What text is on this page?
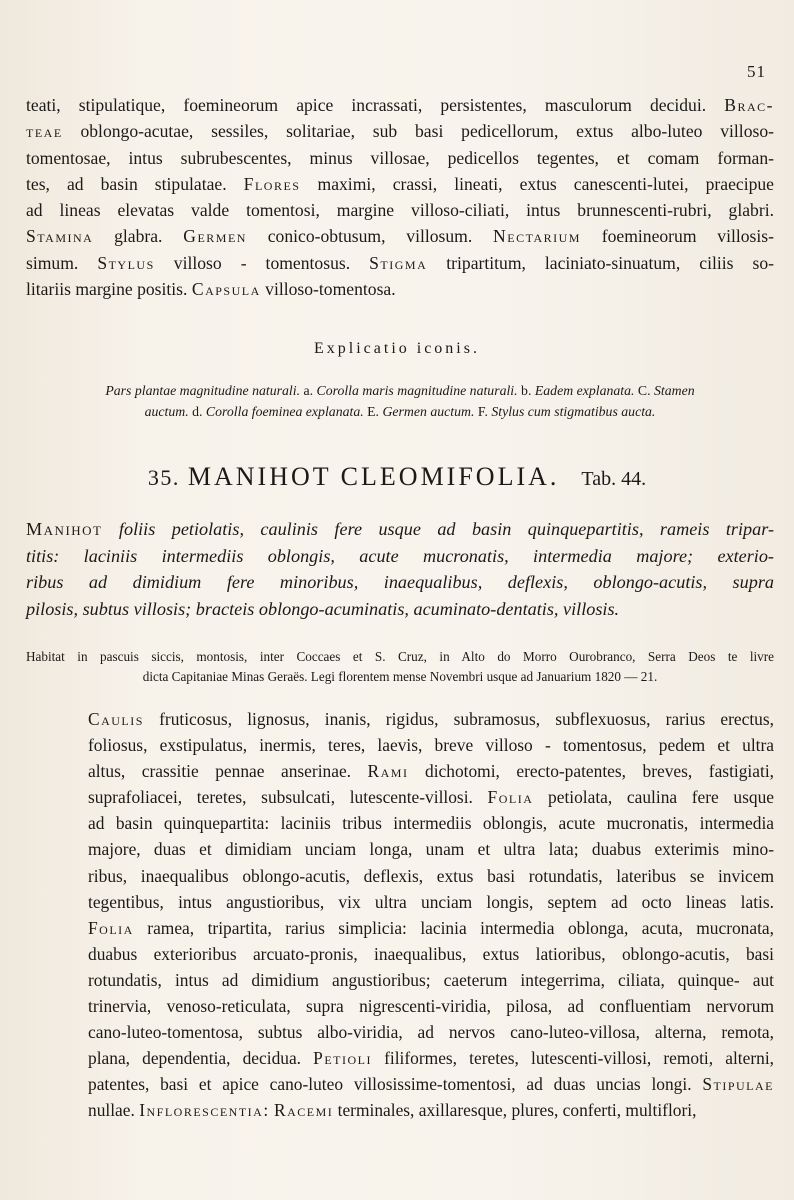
51
teati, stipulatique, foemineorum apice incrassati, persistentes, masculorum decidui. Brac-
teae oblongo-acutae, sessiles, solitariae, sub basi pedicellorum, extus albo-luteo villoso-
tomentosae, intus subrubescentes, minus villosae, pedicellos tegentes, et comam forman-
tes, ad basin stipulatae. Flores maximi, crassi, lineati, extus canescenti-lutei, praecipue
ad lineas elevatas valde tomentosi, margine villoso-ciliati, intus brunnescenti-rubri, glabri.
Stamina glabra. Germen conico-obtusum, villosum. Nectarium foemineorum villosis-
simum. Stylus villoso - tomentosus. Stigma tripartitum, laciniato-sinuatum, ciliis so-
litariis margine positis. Capsula villoso-tomentosa.
Explicatio iconis.
Pars plantae magnitudine naturali. a. Corolla maris magnitudine naturali. b. Eadem explanata. C. Stamen
auctum. d. Corolla foeminea explanata. E. Germen auctum. F. Stylus cum stigmatibus aucta.
35. MANIHOT CLEOMIFOLIA. Tab. 44.
Manihot foliis petiolatis, caulinis fere usque ad basin quinquepartitis, rameis tripar-
titis: laciniis intermediis oblongis, acute mucronatis, intermedia majore; exterio-
ribus ad dimidium fere minoribus, inaequalibus, deflexis, oblongo-acutis, supra
pilosis, subtus villosis; bracteis oblongo-acuminatis, acuminato-dentatis, villosis.
Habitat in pascuis siccis, montosis, inter Coccaes et S. Cruz, in Alto do Morro Ourobranco, Serra Deos te livre
dicta Capitaniae Minas Geraës. Legi florentem mense Novembri usque ad Januarium 1820 — 21.

Caulis fruticosus, lignosus, inanis, rigidus, subramosus, subflexuosus, rarius erectus,
foliosus, exstipulatus, inermis, teres, laevis, breve villoso - tomentosus, pedem et ultra
altus, crassitie pennae anserinae. Rami dichotomi, erecto-patentes, breves, fastigiati,
suprafoliacei, teretes, subsulcati, lutescente-villosi. Folia petiolata, caulina fere usque
ad basin quinquepartita: laciniis tribus intermediis oblongis, acute mucronatis, intermedia
majore, duas et dimidiam unciam longa, unam et ultra lata; duabus exterimis mino-
ribus, inaequalibus oblongo-acutis, deflexis, extus basi rotundatis, lateribus se invicem
tegentibus, intus angustioribus, vix ultra unciam longis, septem ad octo lineas latis.
Folia ramea, tripartita, rarius simplicia: lacinia intermedia oblonga, acuta, mucronata,
duabus exterioribus arcuato-pronis, inaequalibus, extus latioribus, oblongo-acutis, basi
rotundatis, intus ad dimidium angustioribus; caeterum integerrima, ciliata, quinque- aut
trinervia, venoso-reticulata, supra nigrescenti-viridia, pilosa, ad confluentiam nervorum
cano-luteo-tomentosa, subtus albo-viridia, ad nervos cano-luteo-villosa, alterna, remota,
plana, dependentia, decidua. Petioli filiformes, teretes, lutescenti-villosi, remoti, alterni,
patentes, basi et apice cano-luteo villosissime-tomentosi, ad duas uncias longi. Stipulae
nullae. Inflorescentia: Racemi terminales, axillaresque, plures, conferti, multiflori,
